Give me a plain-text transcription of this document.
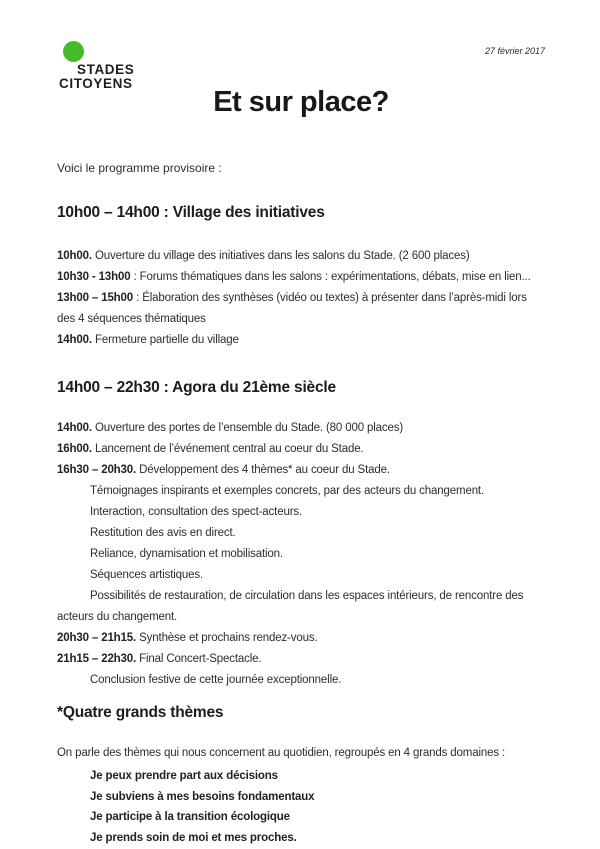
STADES
CITOYENS
27 février 2017
Et sur place?

Voici le programme provisoire :

10h00 – 14h00 : Village des initiatives

10h00. Ouverture du village des initiatives dans les salons du Stade. (2 600 places)

10h30 - 13h00 : Forums thématiques dans les salons : expérimentations, débats, mise en lien...

13h00 – 15h00 : Élaboration des synthèses (vidéo ou textes) à présenter dans l’après-midi lors

des 4 séquences thématiques

14h00. Fermeture partielle du village

14h00 – 22h30 : Agora du 21ème siècle

14h00. Ouverture des portes de l’ensemble du Stade. (80 000 places)

16h00. Lancement de l’événement central au coeur du Stade.

16h30 – 20h30. Développement des 4 thèmes* au coeur du Stade.

Témoignages inspirants et exemples concrets, par des acteurs du changement.

Interaction, consultation des spect-acteurs.

Restitution des avis en direct.

Reliance, dynamisation et mobilisation.

Séquences artistiques.

Possibilités de restauration, de circulation dans les espaces intérieurs, de rencontre des

acteurs du changement.

20h30 – 21h15. Synthèse et prochains rendez-vous.

21h15 – 22h30. Final Concert-Spectacle.

Conclusion festive de cette journée exceptionnelle.

*Quatre grands thèmes

On parle des thèmes qui nous concernent au quotidien, regroupés en 4 grands domaines :

Je peux prendre part aux décisions

Je subviens à mes besoins fondamentaux

Je participe à la transition écologique

Je prends soin de moi et mes proches.
